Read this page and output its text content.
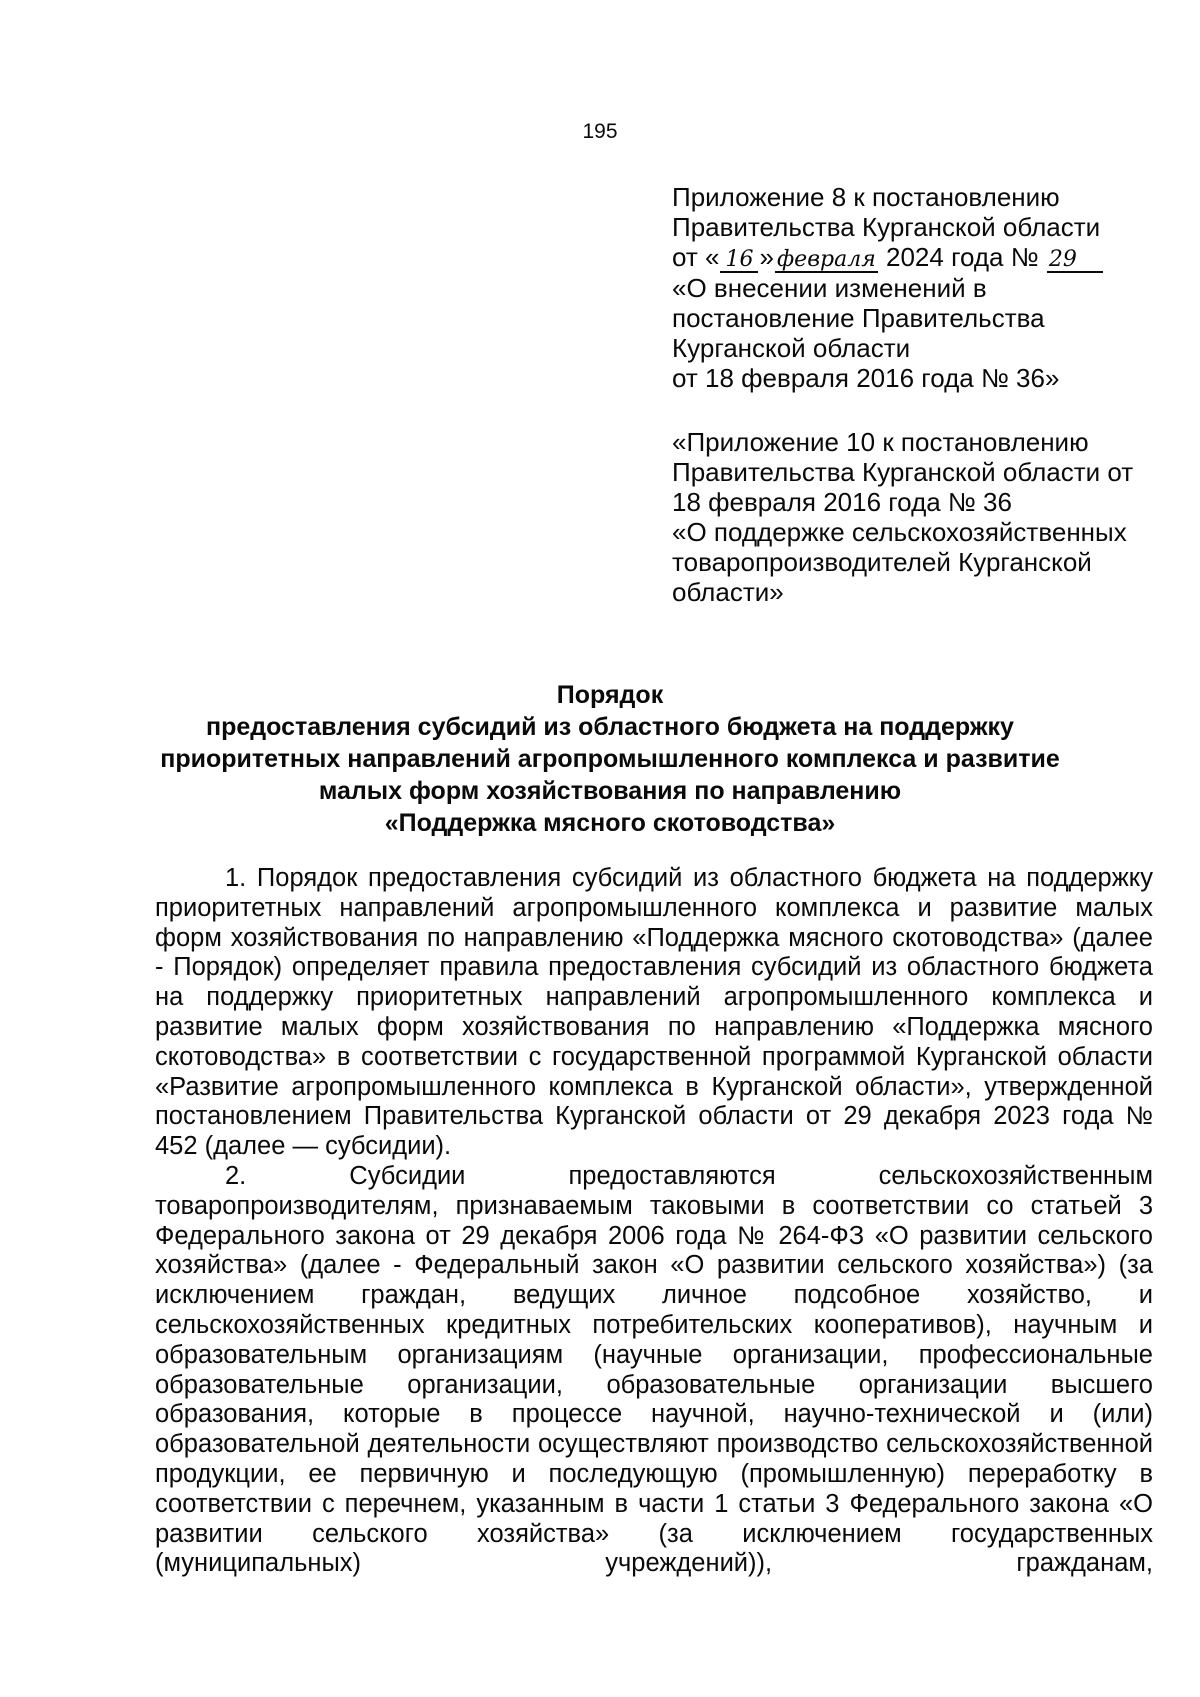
195
Приложение 8 к постановлению
Правительства Курганской области
от « 16 » февраля 2024 года № 29
«О внесении изменений в
постановление Правительства
Курганской области
от 18 февраля 2016 года № 36»
«Приложение 10 к постановлению
Правительства Курганской области от
18 февраля 2016 года № 36
«О поддержке сельскохозяйственных
товаропроизводителей Курганской
области»
Порядок
предоставления субсидий из областного бюджета на поддержку
приоритетных направлений агропромышленного комплекса и развитие
малых форм хозяйствования по направлению
«Поддержка мясного скотоводства»

1. Порядок предоставления субсидий из областного бюджета на поддержку приоритетных направлений агропромышленного комплекса и развитие малых форм хозяйствования по направлению «Поддержка мясного скотоводства» (далее - Порядок) определяет правила предоставления субсидий из областного бюджета на поддержку приоритетных направлений агропромышленного комплекса и развитие малых форм хозяйствования по направлению «Поддержка мясного скотоводства» в соответствии с государственной программой Курганской области «Развитие агропромышленного комплекса в Курганской области», утвержденной постановлением Правительства Курганской области от 29 декабря 2023 года № 452 (далее — субсидии).

2. Субсидии предоставляются сельскохозяйственным товаропроизводителям, признаваемым таковыми в соответствии со статьей 3 Федерального закона от 29 декабря 2006 года № 264-ФЗ «О развитии сельского хозяйства» (далее - Федеральный закон «О развитии сельского хозяйства») (за исключением граждан, ведущих личное подсобное хозяйство, и сельскохозяйственных кредитных потребительских кооперативов), научным и образовательным организациям (научные организации, профессиональные образовательные организации, образовательные организации высшего образования, которые в процессе научной, научно-технической и (или) образовательной деятельности осуществляют производство сельскохозяйственной продукции, ее первичную и последующую (промышленную) переработку в соответствии с перечнем, указанным в части 1 статьи 3 Федерального закона «О развитии сельского хозяйства» (за исключением государственных (муниципальных) учреждений)), гражданам,
